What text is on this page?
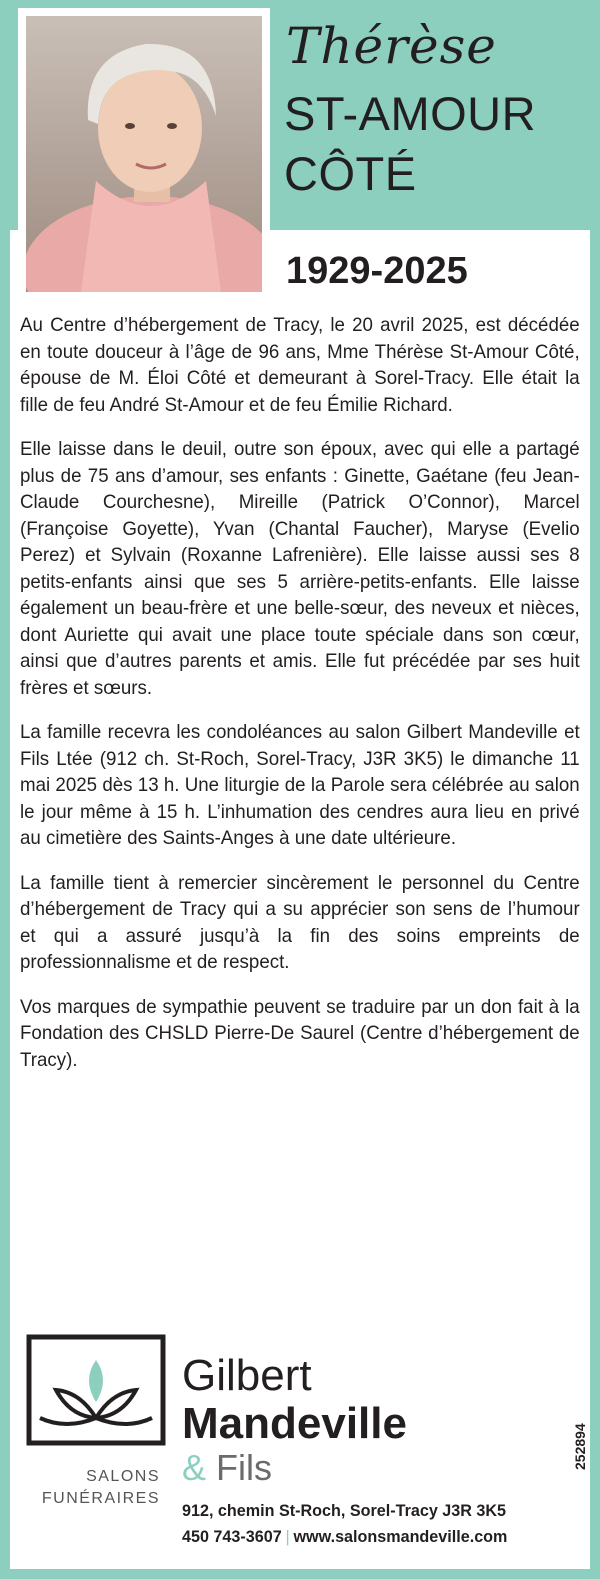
Thérèse
ST-AMOUR
CÔTÉ
1929-2025

Au Centre d’hébergement de Tracy, le 20 avril 2025, est décédée en toute douceur à l’âge de 96 ans, Mme Thérèse St-Amour Côté, épouse de M. Éloi Côté et demeurant à Sorel-Tracy. Elle était la fille de feu André St-Amour et de feu Émilie Richard.

Elle laisse dans le deuil, outre son époux, avec qui elle a partagé plus de 75 ans d’amour, ses enfants : Ginette, Gaétane (feu Jean-Claude Courchesne), Mireille (Patrick O’Connor), Marcel (Françoise Goyette), Yvan (Chantal Faucher), Maryse (Evelio Perez) et Sylvain (Roxanne Lafrenière). Elle laisse aussi ses 8 petits-enfants ainsi que ses 5 arrière-petits-enfants. Elle laisse également un beau-frère et une belle-sœur, des neveux et nièces, dont Auriette qui avait une place toute spéciale dans son cœur, ainsi que d’autres parents et amis. Elle fut précédée par ses huit frères et sœurs.

La famille recevra les condoléances au salon Gilbert Mandeville et Fils Ltée (912 ch. St-Roch, Sorel-Tracy, J3R 3K5) le dimanche 11 mai 2025 dès 13 h. Une liturgie de la Parole sera célébrée au salon le jour même à 15 h. L’inhumation des cendres aura lieu en privé au cimetière des Saints-Anges à une date ultérieure.

La famille tient à remercier sincèrement le personnel du Centre d’hébergement de Tracy qui a su apprécier son sens de l’humour et qui a assuré jusqu’à la fin des soins empreints de professionnalisme et de respect.

Vos marques de sympathie peuvent se traduire par un don fait à la Fondation des CHSLD Pierre-De Saurel (Centre d’hébergement de Tracy).

SALONS
FUNÉRAIRES
Gilbert
Mandeville
& Fils
912, chemin St-Roch, Sorel-Tracy J3R 3K5
450 743-3607 | www.salonsmandeville.com
252894
